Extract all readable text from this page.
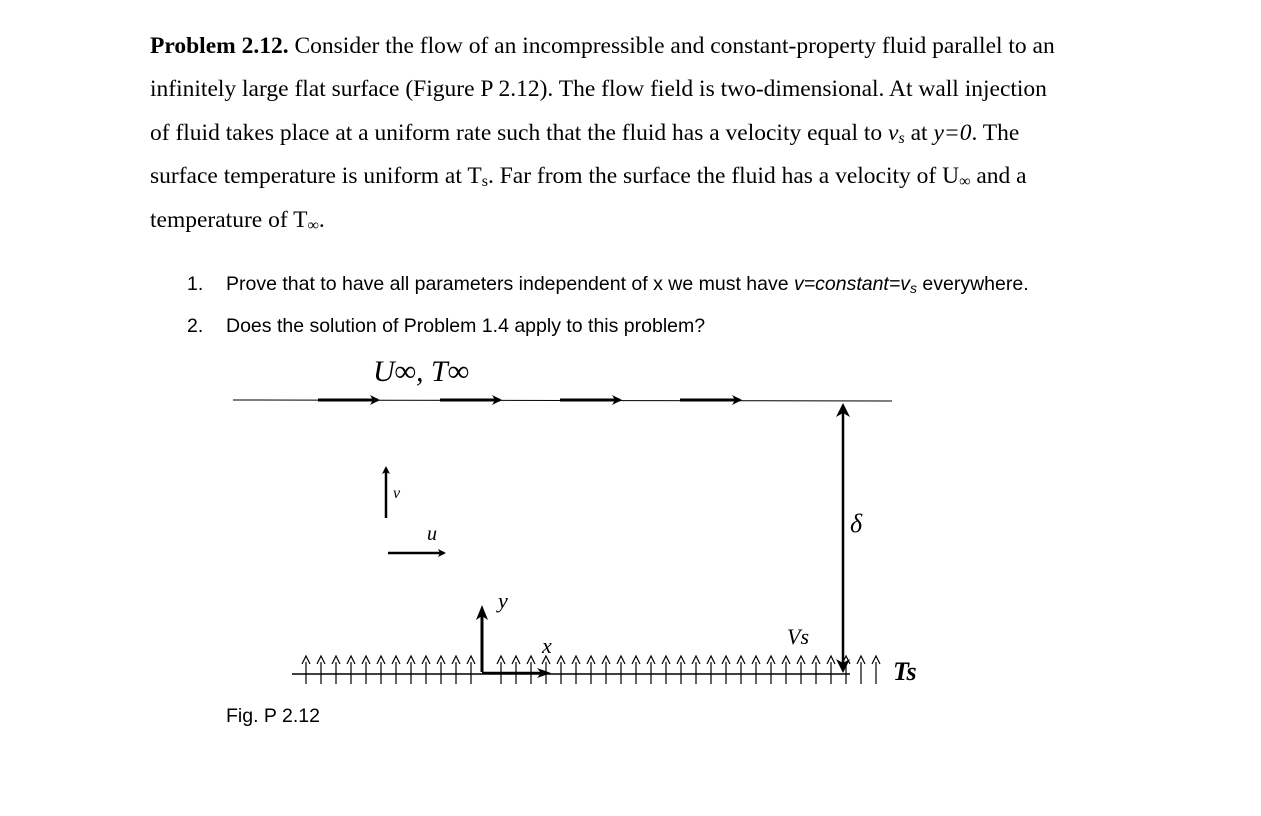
Problem 2.12. Consider the flow of an incompressible and constant-property fluid parallel to an
infinitely large flat surface (Figure P 2.12). The flow field is two-dimensional. At wall injection
of fluid takes place at a uniform rate such that the fluid has a velocity equal to vs at y=0. The
surface temperature is uniform at Ts. Far from the surface the fluid has a velocity of U∞ and a
temperature of T∞.
1. Prove that to have all parameters independent of x we must have v=constant=vs everywhere.
2. Does the solution of Problem 1.4 apply to this problem?
U∞, T∞
v
u	δ
y
x	Vs
Ts
Fig. P 2.12
